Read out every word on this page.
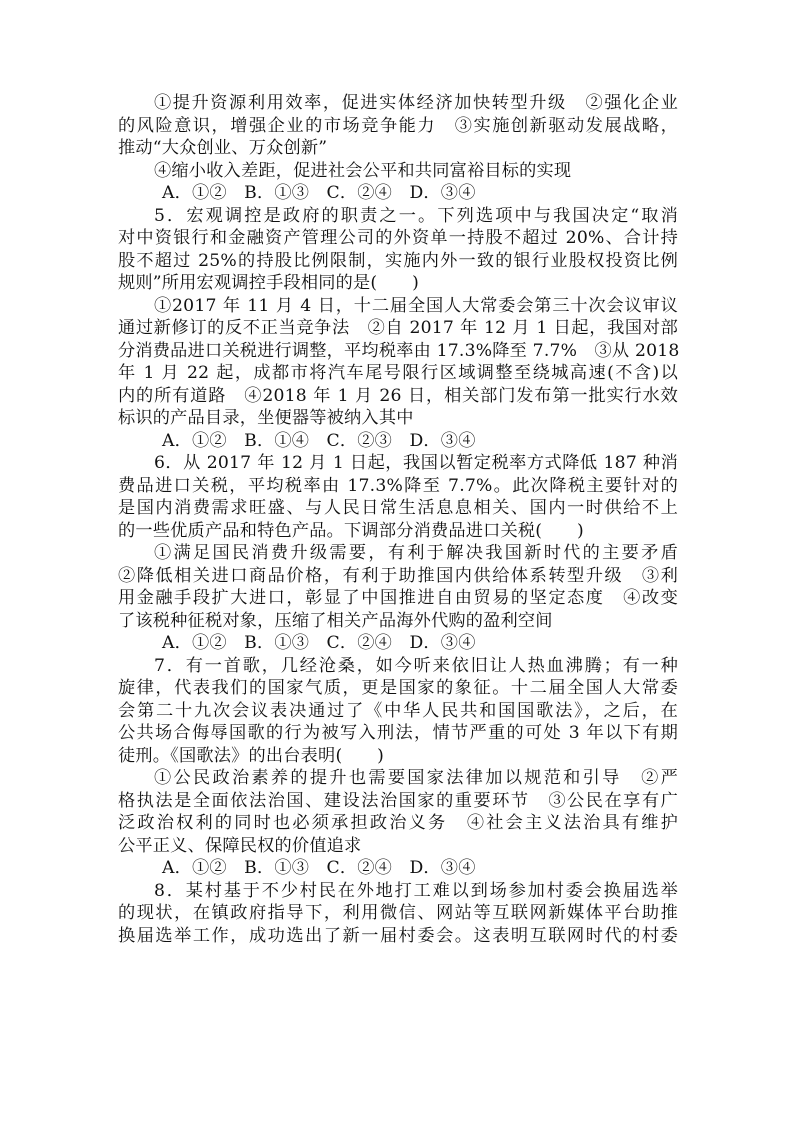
①提升资源利用效率，促进实体经济加快转型升级　②强化企业
的风险意识，增强企业的市场竞争能力　③实施创新驱动发展战略，
推动“大众创业、万众创新”
④缩小收入差距，促进社会公平和共同富裕目标的实现
A．①②　B．①③　C．②④　D．③④
5．宏观调控是政府的职责之一。下列选项中与我国决定“取消
对中资银行和金融资产管理公司的外资单一持股不超过 20%、合计持
股不超过 25%的持股比例限制，实施内外一致的银行业股权投资比例
规则”所用宏观调控手段相同的是(　　)
①2017 年 11 月 4 日，十二届全国人大常委会第三十次会议审议
通过新修订的反不正当竞争法　②自 2017 年 12 月 1 日起，我国对部
分消费品进口关税进行调整，平均税率由 17.3%降至 7.7%　③从 2018
年 1 月 22 起，成都市将汽车尾号限行区域调整至绕城高速(不含)以
内的所有道路　④2018 年 1 月 26 日，相关部门发布第一批实行水效
标识的产品目录，坐便器等被纳入其中
A．①②　B．①④　C．②③　D．③④
6．从 2017 年 12 月 1 日起，我国以暂定税率方式降低 187 种消
费品进口关税，平均税率由 17.3%降至 7.7%。此次降税主要针对的
是国内消费需求旺盛、与人民日常生活息息相关、国内一时供给不上
的一些优质产品和特色产品。下调部分消费品进口关税(　　)
①满足国民消费升级需要，有利于解决我国新时代的主要矛盾
②降低相关进口商品价格，有利于助推国内供给体系转型升级　③利
用金融手段扩大进口，彰显了中国推进自由贸易的坚定态度　④改变
了该税种征税对象，压缩了相关产品海外代购的盈利空间
A．①②　B．①③　C．②④　D．③④
7．有一首歌，几经沧桑，如今听来依旧让人热血沸腾；有一种
旋律，代表我们的国家气质，更是国家的象征。十二届全国人大常委
会第二十九次会议表决通过了《中华人民共和国国歌法》，之后，在
公共场合侮辱国歌的行为被写入刑法，情节严重的可处 3 年以下有期
徒刑。《国歌法》的出台表明(　　)
①公民政治素养的提升也需要国家法律加以规范和引导　②严
格执法是全面依法治国、建设法治国家的重要环节　③公民在享有广
泛政治权利的同时也必须承担政治义务　④社会主义法治具有维护
公平正义、保障民权的价值追求
A．①②　B．①③　C．②④　D．③④
8．某村基于不少村民在外地打工难以到场参加村委会换届选举
的现状，在镇政府指导下，利用微信、网站等互联网新媒体平台助推
换届选举工作，成功选出了新一届村委会。这表明互联网时代的村委
